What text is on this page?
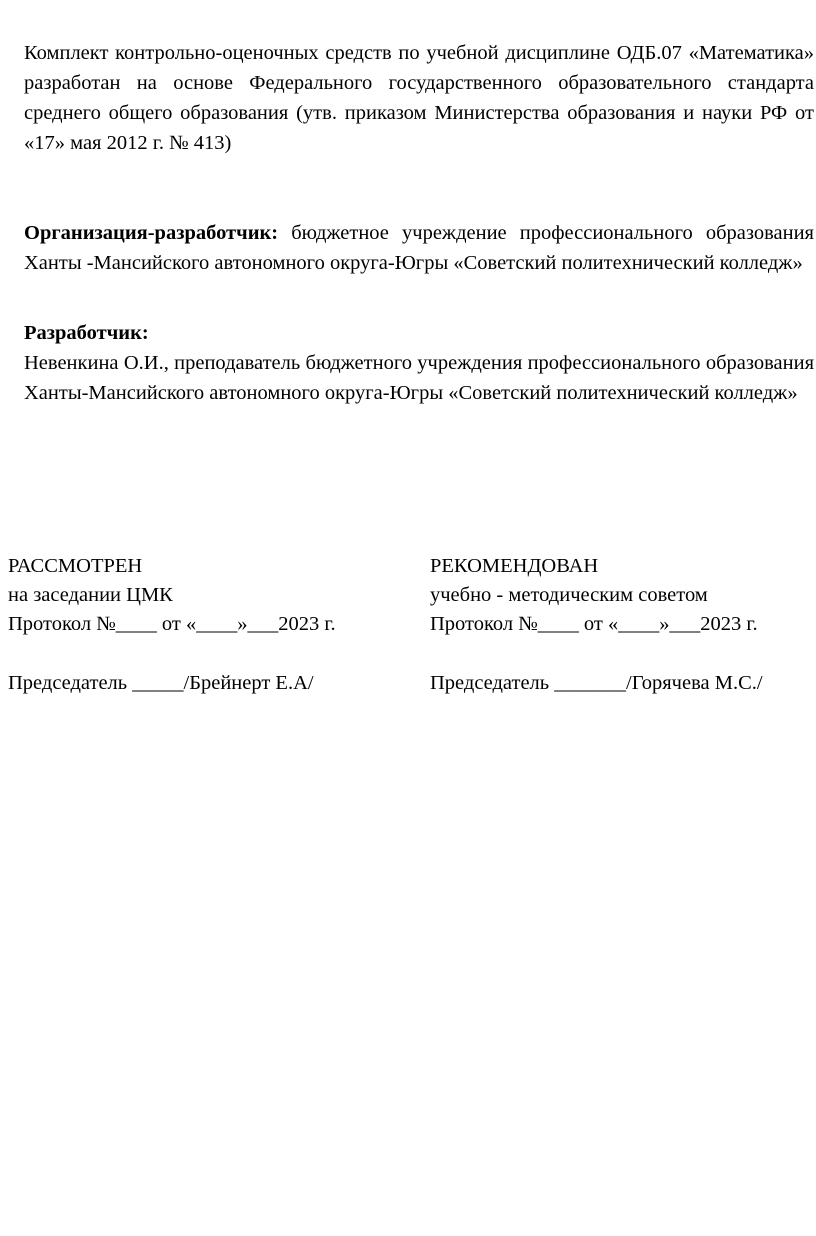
Комплект контрольно-оценочных средств по учебной дисциплине ОДБ.07 «Математика» разработан на основе Федерального государственного образовательного стандарта среднего общего образования (утв. приказом Министерства образования и науки РФ от «17» мая 2012 г. № 413)

Организация-разработчик: бюджетное учреждение профессионального образования Ханты -Мансийского автономного округа-Югры «Советский политехнический колледж»

Разработчик:

Невенкина О.И., преподаватель бюджетного учреждения профессионального образования Ханты-Мансийского автономного округа-Югры «Советский политехнический колледж»

РАССМОТРЕН
на заседании ЦМК
Протокол №____ от «____»___2023 г.
Председатель _____/Брейнерт Е.А/
РЕКОМЕНДОВАН
учебно - методическим советом
Протокол №____ от «____»___2023 г.
Председатель _______/Горячева М.С./
